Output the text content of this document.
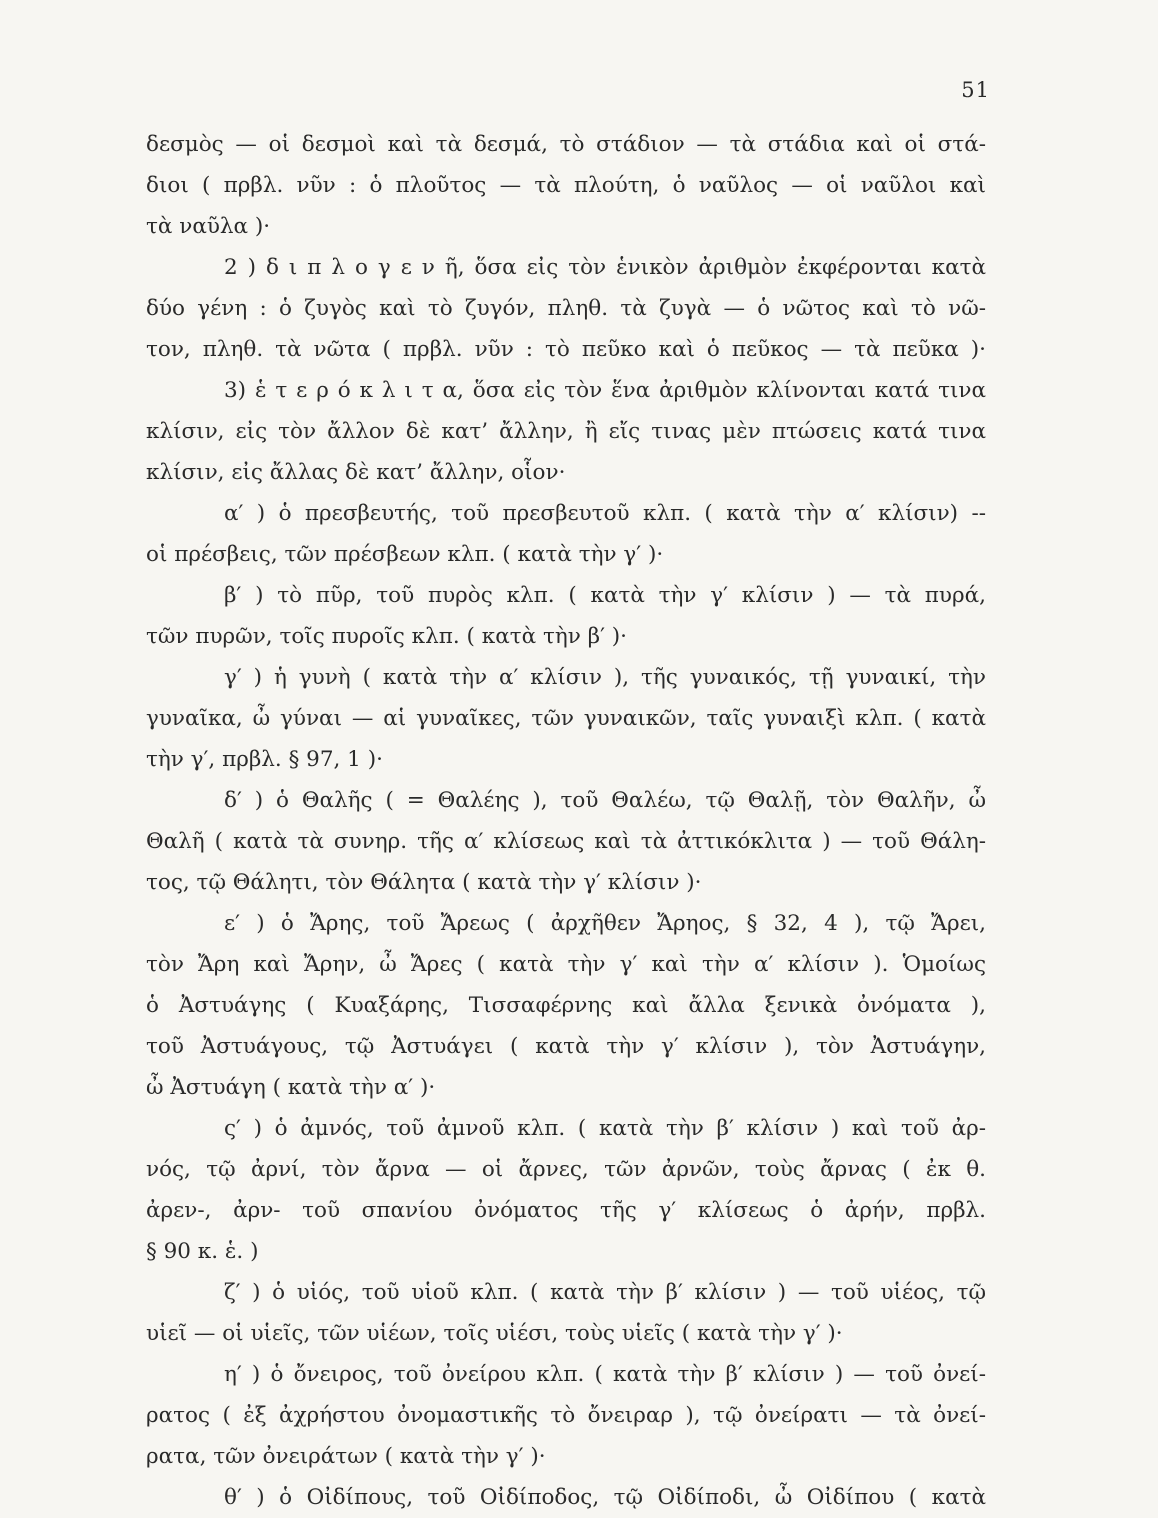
51
δεσμὸς — οἱ δεσμοὶ καὶ τὰ δεσμά, τὸ στάδιον — τὰ στάδια καὶ οἱ στά-
διοι ( πρβλ. νῦν : ὁ πλοῦτος — τὰ πλούτη, ὁ ναῦλος — οἱ ναῦλοι καὶ
τὰ ναῦλα )·
2 ) δ ι π λ ο γ ε ν ῆ, ὅσα εἰς τὸν ἑνικὸν ἀριθμὸν ἐκφέρονται κατὰ
δύο γένη : ὁ ζυγὸς καὶ τὸ ζυγόν, πληθ. τὰ ζυγὰ — ὁ νῶτος καὶ τὸ νῶ-
τον, πληθ. τὰ νῶτα ( πρβλ. νῦν : τὸ πεῦκο καὶ ὁ πεῦκος — τὰ πεῦκα )·
3) ἑ τ ε ρ ό κ λ ι τ α, ὅσα εἰς τὸν ἕνα ἀριθμὸν κλίνονται κατά τινα
κλίσιν, εἰς τὸν ἄλλον δὲ κατ’ ἄλλην, ἢ εἴς τινας μὲν πτώσεις κατά τινα
κλίσιν, εἰς ἄλλας δὲ κατ’ ἄλλην, οἷον·
α′ ) ὁ πρεσβευτής, τοῦ πρεσβευτοῦ κλπ. ( κατὰ τὴν α′ κλίσιν) --
οἱ πρέσβεις, τῶν πρέσβεων κλπ. ( κατὰ τὴν γ′ )·
β′ ) τὸ πῦρ, τοῦ πυρὸς κλπ. ( κατὰ τὴν γ′ κλίσιν ) — τὰ πυρά,
τῶν πυρῶν, τοῖς πυροῖς κλπ. ( κατὰ τὴν β′ )·
γ′ ) ἡ γυνὴ ( κατὰ τὴν α′ κλίσιν ), τῆς γυναικός, τῇ γυναικί, τὴν
γυναῖκα, ὦ γύναι — αἱ γυναῖκες, τῶν γυναικῶν, ταῖς γυναιξὶ κλπ. ( κατὰ
τὴν γ′, πρβλ. § 97, 1 )·
δ′ ) ὁ Θαλῆς ( = Θαλέης ), τοῦ Θαλέω, τῷ Θαλῇ, τὸν Θαλῆν, ὦ
Θαλῆ ( κατὰ τὰ συνηρ. τῆς α′ κλίσεως καὶ τὰ ἀττικόκλιτα ) — τοῦ Θάλη-
τος, τῷ Θάλητι, τὸν Θάλητα ( κατὰ τὴν γ′ κλίσιν )·
ε′ ) ὁ Ἄρης, τοῦ Ἄρεως ( ἀρχῆθεν Ἄρηος, § 32, 4 ), τῷ Ἄρει,
τὸν Ἄρη καὶ Ἄρην, ὦ Ἄρες ( κατὰ τὴν γ′ καὶ τὴν α′ κλίσιν ). Ὁμοίως
ὁ Ἀστυάγης ( Κυαξάρης, Τισσαφέρνης καὶ ἄλλα ξενικὰ ὀνόματα ),
τοῦ Ἀστυάγους, τῷ Ἀστυάγει ( κατὰ τὴν γ′ κλίσιν ), τὸν Ἀστυάγην,
ὦ Ἀστυάγη ( κατὰ τὴν α′ )·
ς′ ) ὁ ἀμνός, τοῦ ἀμνοῦ κλπ. ( κατὰ τὴν β′ κλίσιν ) καὶ τοῦ ἀρ-
νός, τῷ ἀρνί, τὸν ἄρνα — οἱ ἄρνες, τῶν ἀρνῶν, τοὺς ἄρνας ( ἐκ θ.
ἀρεν-, ἀρν- τοῦ σπανίου ὀνόματος τῆς γ′ κλίσεως ὁ ἀρήν, πρβλ.
§ 90 κ. ἑ. )
ζ′ ) ὁ υἱός, τοῦ υἱοῦ κλπ. ( κατὰ τὴν β′ κλίσιν ) — τοῦ υἱέος, τῷ
υἱεῖ — οἱ υἱεῖς, τῶν υἱέων, τοῖς υἱέσι, τοὺς υἱεῖς ( κατὰ τὴν γ′ )·
η′ ) ὁ ὄνειρος, τοῦ ὀνείρου κλπ. ( κατὰ τὴν β′ κλίσιν ) — τοῦ ὀνεί-
ρατος ( ἐξ ἀχρήστου ὀνομαστικῆς τὸ ὄνειραρ ), τῷ ὀνείρατι — τὰ ὀνεί-
ρατα, τῶν ὀνειράτων ( κατὰ τὴν γ′ )·
θ′ ) ὁ Οἰδίπους, τοῦ Οἰδίποδος, τῷ Οἰδίποδι, ὦ Οἰδίπου ( κατὰ
